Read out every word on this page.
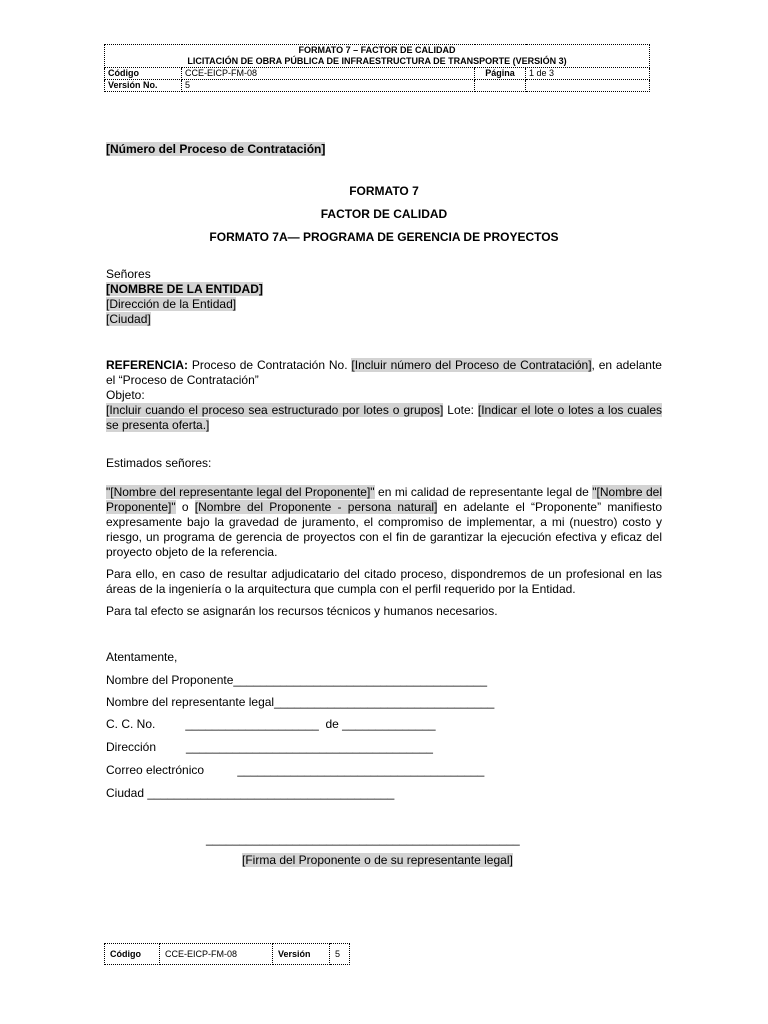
FORMATO 7 – FACTOR DE CALIDAD
LICITACIÓN DE OBRA PÚBLICA DE INFRAESTRUCTURA DE TRANSPORTE (VERSIÓN 3)			

Código	CCE-EICP-FM-08	Página	1 de 3
Versión No.	5		
[Número del Proceso de Contratación]
FORMATO 7
FACTOR DE CALIDAD
FORMATO 7A— PROGRAMA DE GERENCIA DE PROYECTOS
Señores
[NOMBRE DE LA ENTIDAD]
[Dirección de la Entidad]
[Ciudad]
REFERENCIA: Proceso de Contratación No. [Incluir número del Proceso de Contratación], en adelante el “Proceso de Contratación”
Objeto:
[Incluir cuando el proceso sea estructurado por lotes o grupos] Lote: [Indicar el lote o lotes a los cuales se presenta oferta.]
Estimados señores:
"[Nombre del representante legal del Proponente]" en mi calidad de representante legal de "[Nombre del Proponente]" o [Nombre del Proponente - persona natural] en adelante el “Proponente” manifiesto expresamente bajo la gravedad de juramento, el compromiso de implementar, a mi (nuestro) costo y riesgo, un programa de gerencia de proyectos con el fin de garantizar la ejecución efectiva y eficaz del proyecto objeto de la referencia.
Para ello, en caso de resultar adjudicatario del citado proceso, dispondremos de un profesional en las áreas de la ingeniería o la arquitectura que cumpla con el perfil requerido por la Entidad.
Para tal efecto se asignarán los recursos técnicos y humanos necesarios.
Atentamente,
Nombre del Proponente______________________________________
Nombre del representante legal_________________________________
C. C. No.         ____________________  de ______________
Dirección         _____________________________________
Correo electrónico          _____________________________________
Ciudad _____________________________________
_______________________________________________
[Firma del Proponente o de su representante legal]
Código	CCE-EICP-FM-08	Versión	5
